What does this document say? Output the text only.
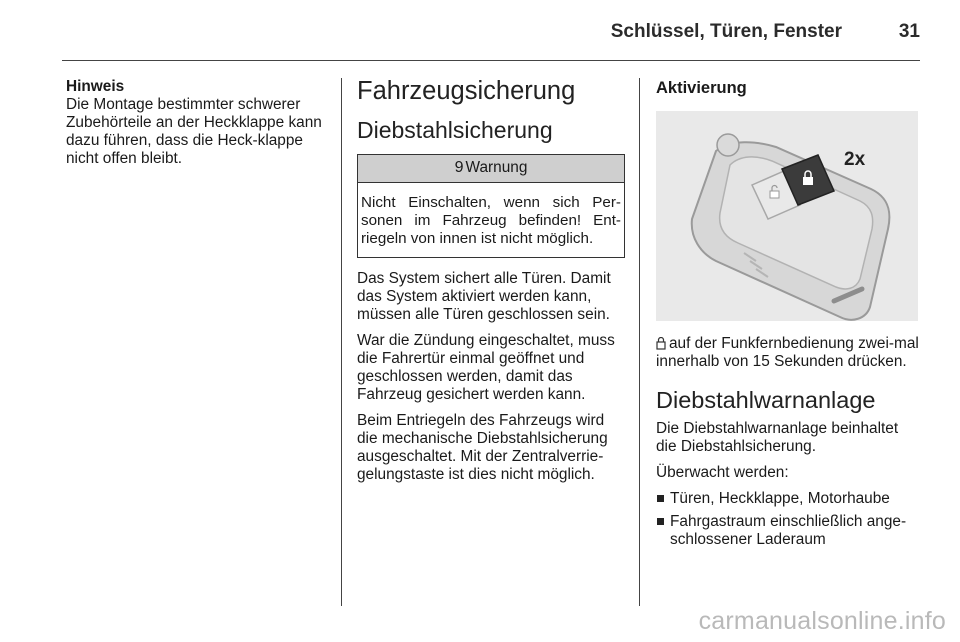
Schlüssel, Türen, Fenster	31
Hinweis
Die Montage bestimmter schwerer Zubehörteile an der Heckklappe kann dazu führen, dass die Heck-klappe nicht offen bleibt.
Fahrzeugsicherung
Diebstahlsicherung
9 Warnung
Nicht Einschalten, wenn sich Per-sonen im Fahrzeug befinden! Ent-riegeln von innen ist nicht möglich.

Das System sichert alle Türen. Damit das System aktiviert werden kann, müssen alle Türen geschlossen sein.

War die Zündung eingeschaltet, muss die Fahrertür einmal geöffnet und geschlossen werden, damit das Fahrzeug gesichert werden kann.

Beim Entriegeln des Fahrzeugs wird die mechanische Diebstahlsicherung ausgeschaltet. Mit der Zentralverrie-gelungstaste ist dies nicht möglich.

Aktivierung
2x

auf der Funkfernbedienung zwei-mal innerhalb von 15 Sekunden drücken.

Diebstahlwarnanlage

Die Diebstahlwarnanlage beinhaltet die Diebstahlsicherung.

Überwacht werden:

Türen, Heckklappe, Motorhaube
Fahrgastraum einschließlich ange-schlossener Laderaum
carmanualsonline.info
